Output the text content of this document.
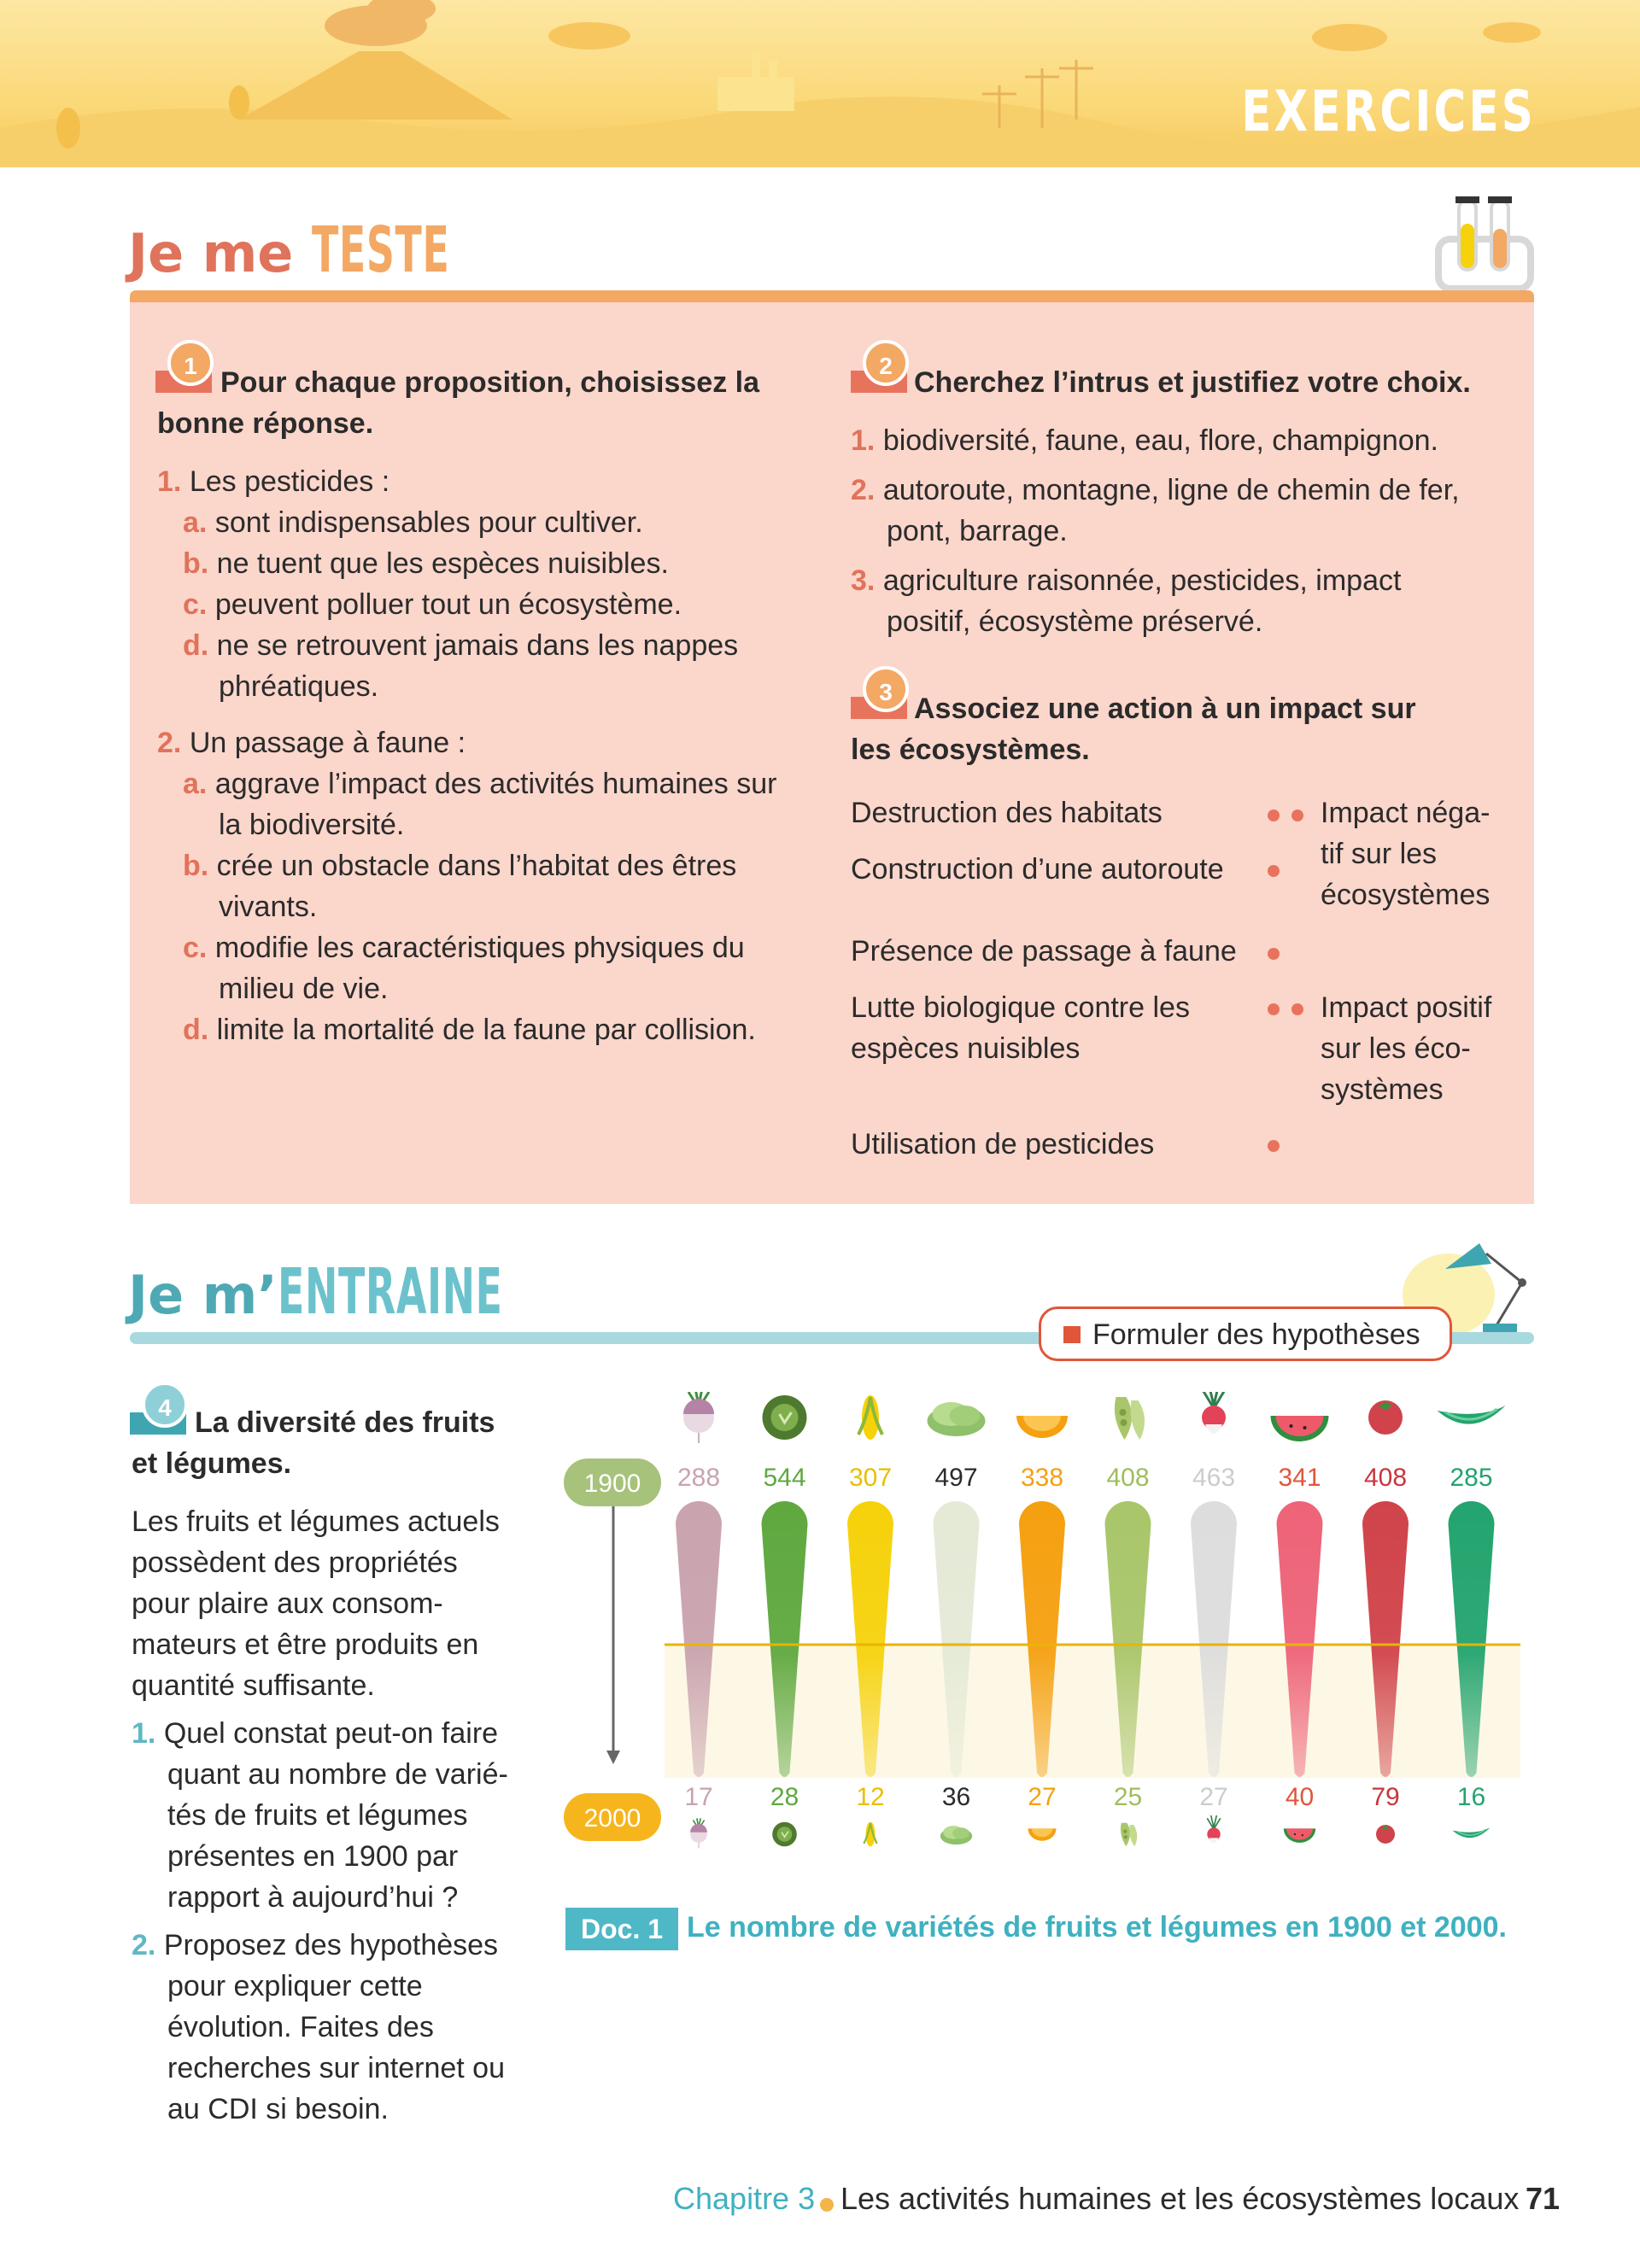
EXERCICES
Je me TESTE
1
Pour chaque proposition, choisissez la
bonne réponse.
1. Les pesticides :
a. sont indispensables pour cultiver.
b. ne tuent que les espèces nuisibles.
c. peuvent polluer tout un écosystème.
d. ne se retrouvent jamais dans les nappes
phréatiques.
2. Un passage à faune :
a. aggrave l’impact des activités humaines sur
la biodiversité.
b. crée un obstacle dans l’habitat des êtres
vivants.
c. modifie les caractéristiques physiques du
milieu de vie.
d. limite la mortalité de la faune par collision.
2
Cherchez l’intrus et justifiez votre choix.
1. biodiversité, faune, eau, flore, champignon.
2. autoroute, montagne, ligne de chemin de fer,
pont, barrage.
3. agriculture raisonnée, pesticides, impact
positif, écosystème préservé.
3
Associez une action à un impact sur
les écosystèmes.
Destruction des habitats
Construction d’une autoroute
Présence de passage à faune
Lutte biologique contre les
espèces nuisibles
Utilisation de pesticides
Impact néga-
tif sur les
écosystèmes
Impact positif
sur les éco-
systèmes
Je m’ENTRAINE
Formuler des hypothèses
4 La diversité des fruits
et légumes.
Les fruits et légumes actuels
possèdent des propriétés
pour plaire aux consom-
mateurs et être produits en
quantité suffisante.
1. Quel constat peut-on faire
quant au nombre de varié-
tés de fruits et légumes
présentes en 1900 par
rapport à aujourd’hui ?
2. Proposez des hypothèses
pour expliquer cette
évolution. Faites des
recherches sur internet ou
au CDI si besoin.
1900
2000
288
17
544
28
307
12
497
36
338
27
408
25
463
27
341
40
408
79
285
16
Doc. 1 Le nombre de variétés de fruits et légumes en 1900 et 2000.
Chapitre 3 Les activités humaines et les écosystèmes locaux 71
